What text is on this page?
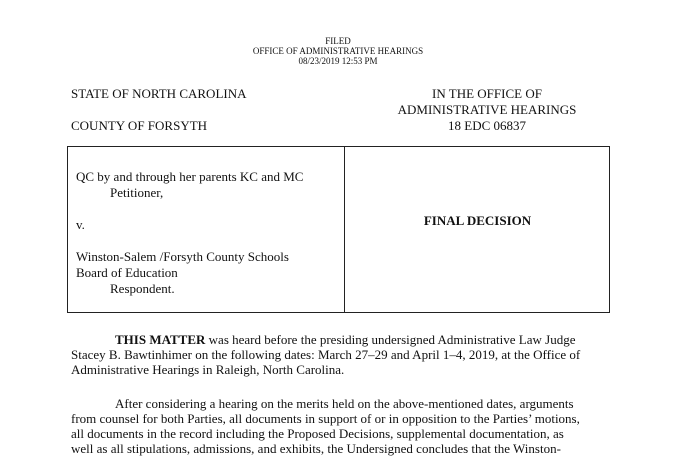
FILED
OFFICE OF ADMINISTRATIVE HEARINGS
08/23/2019 12:53 PM
STATE OF NORTH CAROLINA
COUNTY OF FORSYTH
IN THE OFFICE OF
ADMINISTRATIVE HEARINGS
18 EDC 06837
QC by and through her parents KC and MC
Petitioner,
v.
Winston-Salem /Forsyth County Schools
Board of Education
Respondent.
FINAL DECISION
THIS MATTER was heard before the presiding undersigned Administrative Law Judge
Stacey B. Bawtinhimer on the following dates: March 27–29 and April 1–4, 2019, at the Office of
Administrative Hearings in Raleigh, North Carolina.
After considering a hearing on the merits held on the above-mentioned dates, arguments
from counsel for both Parties, all documents in support of or in opposition to the Parties’ motions,
all documents in the record including the Proposed Decisions, supplemental documentation, as
well as all stipulations, admissions, and exhibits, the Undersigned concludes that the Winston-
